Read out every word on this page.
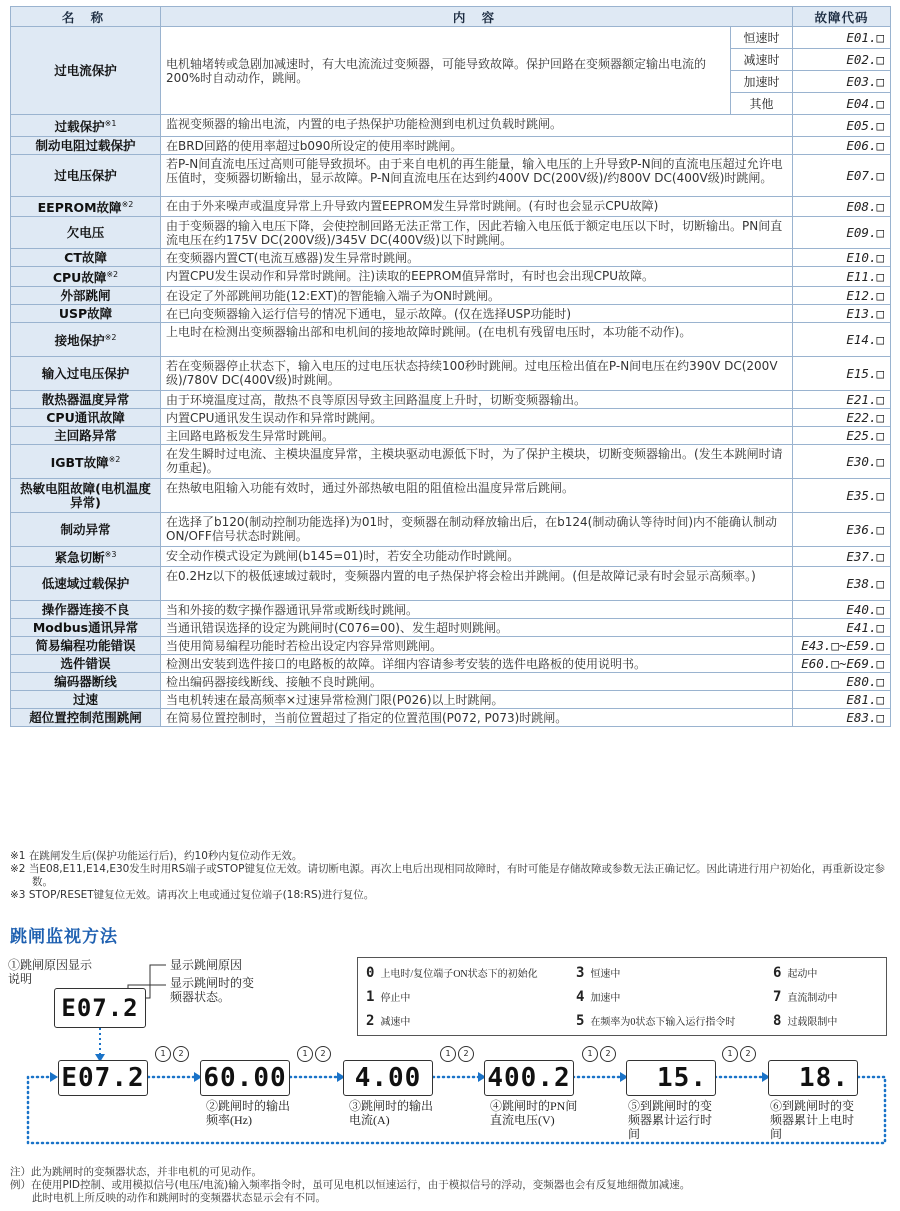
名 称	内 容		故障代码
过电流保护	电机轴堵转或急剧加减速时，有大电流流过变频器，可能导致故障。保护回路在变频器额定输出电流的200%时自动动作，跳闸。	恒速时	E01.□
		减速时	E02.□
		加速时	E03.□
		其他	E04.□
过载保护$^{※1}$	监视变频器的输出电流，内置的电子热保护功能检测到电机过负载时跳闸。		E05.□
制动电阻过载保护	在BRD回路的使用率超过b090所设定的使用率时跳闸。		E06.□
过电压保护	若P-N间直流电压过高则可能导致损坏。由于来自电机的再生能量，输入电压的上升导致P-N间的直流电压超过允许电压值时，变频器切断输出，显示故障。P-N间直流电压在达到约400V DC(200V级)/约800V DC(400V级)时跳闸。		E07.□
EEPROM故障$^{※2}$	在由于外来噪声或温度异常上升导致内置EEPROM发生异常时跳闸。(有时也会显示CPU故障)		E08.□
欠电压	由于变频器的输入电压下降，会使控制回路无法正常工作，因此若输入电压低于额定电压以下时，切断输出。PN间直流电压在约175V DC(200V级)/345V DC(400V级)以下时跳闸。		E09.□
CT故障	在变频器内置CT(电流互感器)发生异常时跳闸。		E10.□
CPU故障$^{※2}$	内置CPU发生误动作和异常时跳闸。注)读取的EEPROM值异常时，有时也会出现CPU故障。		E11.□
外部跳闸	在设定了外部跳闸功能(12:EXT)的智能输入端子为ON时跳闸。		E12.□
USP故障	在已向变频器输入运行信号的情况下通电，显示故障。(仅在选择USP功能时)		E13.□
接地保护$^{※2}$	上电时在检测出变频器输出部和电机间的接地故障时跳闸。(在电机有残留电压时，本功能不动作)。		E14.□
输入过电压保护	若在变频器停止状态下，输入电压的过电压状态持续100秒时跳闸。过电压检出值在P-N间电压在约390V DC(200V级)/780V DC(400V级)时跳闸。		E15.□
散热器温度异常	由于环境温度过高，散热不良等原因导致主回路温度上升时，切断变频器输出。		E21.□
CPU通讯故障	内置CPU通讯发生误动作和异常时跳闸。		E22.□
主回路异常	主回路电路板发生异常时跳闸。		E25.□
IGBT故障$^{※2}$	在发生瞬时过电流、主模块温度异常，主模块驱动电源低下时，为了保护主模块，切断变频器输出。(发生本跳闸时请勿重起)。		E30.□
热敏电阻故障(电机温度异常)	在热敏电阻输入功能有效时，通过外部热敏电阻的阻值检出温度异常后跳闸。		E35.□
制动异常	在选择了b120(制动控制功能选择)为01时，变频器在制动释放输出后，在b124(制动确认等待时间)内不能确认制动ON/OFF信号状态时跳闸。		E36.□
紧急切断$^{※3}$	安全动作模式设定为跳闸(b145=01)时，若安全功能动作时跳闸。		E37.□
低速域过载保护	在0.2Hz以下的极低速域过载时，变频器内置的电子热保护将会检出并跳闸。(但是故障记录有时会显示高频率。)		E38.□
操作器连接不良	当和外接的数字操作器通讯异常或断线时跳闸。		E40.□
Modbus通讯异常	当通讯错误选择的设定为跳闸时(C076=00)、发生超时则跳闸。		E41.□
简易编程功能错误	当使用简易编程功能时若检出设定内容异常则跳闸。		E43.□~E59.□
选件错误	检测出安装到选件接口的电路板的故障。详细内容请参考安装的选件电路板的使用说明书。		E60.□~E69.□
编码器断线	检出编码器接线断线、接触不良时跳闸。		E80.□
过速	当电机转速在最高频率×过速异常检测门限(P026)以上时跳闸。		E81.□
超位置控制范围跳闸	在简易位置控制时，当前位置超过了指定的位置范围(P072, P073)时跳闸。		E83.□
※1 在跳闸发生后(保护功能运行后)，约10秒内复位动作无效。
※2 当E08,E11,E14,E30发生时用RS端子或STOP键复位无效。请切断电源。再次上电后出现相同故障时，有时可能是存储故障或参数无法正确记忆。因此请进行用户初始化，再重新设定参数。
※3 STOP/RESET键复位无效。请再次上电或通过复位端子(18:RS)进行复位。
跳闸监视方法
①跳闸原因显示说明
显示跳闸原因
显示跳闸时的变频器状态。
E07.2
E07.2 60.00	4.00	400.2	15.	18.
1	2	1	2	1	2	1	2	1	2
②跳闸时的输出频率(Hz)
③跳闸时的输出电流(A)
④跳闸时的PN间直流电压(V)
⑤到跳闸时的变频器累计运行时间
⑥到跳闸时的变频器累计上电时间
0 上电时/复位端子ON状态下的初始化
1 停止中
2 减速中
3 恒速中
4 加速中
5 在频率为0状态下输入运行指令时
6 起动中
7 直流制动中
8 过载限制中
注）此为跳闸时的变频器状态，并非电机的可见动作。
例）在使用PID控制、或用模拟信号(电压/电流)输入频率指令时，虽可见电机以恒速运行，由于模拟信号的浮动，变频器也会有反复地细微加减速。
此时电机上所反映的动作和跳闸时的变频器状态显示会有不同。
